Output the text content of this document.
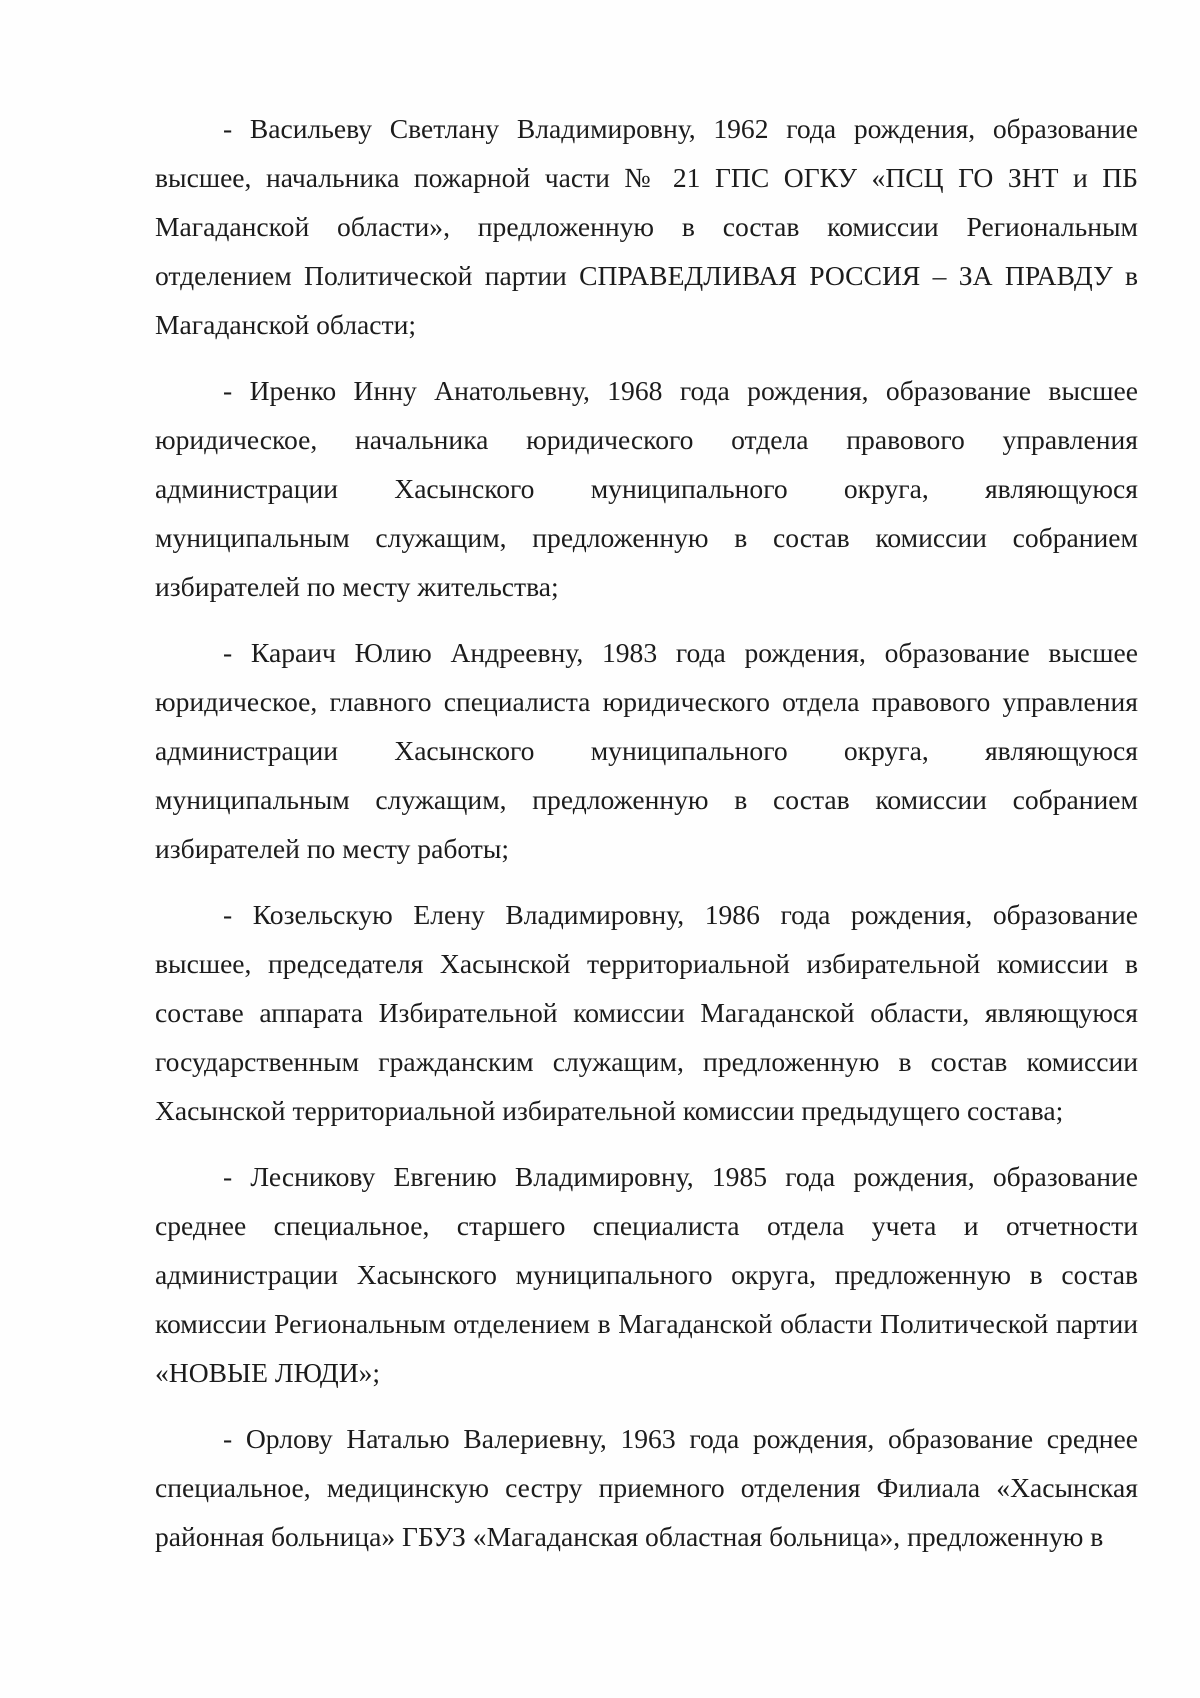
- Васильеву Светлану Владимировну, 1962 года рождения, образование высшее, начальника пожарной части № 21 ГПС ОГКУ «ПСЦ ГО ЗНТ и ПБ Магаданской области», предложенную в состав комиссии Региональным отделением Политической партии СПРАВЕДЛИВАЯ РОССИЯ – ЗА ПРАВДУ в Магаданской области;

- Иренко Инну Анатольевну, 1968 года рождения, образование высшее юридическое, начальника юридического отдела правового управления администрации Хасынского муниципального округа, являющуюся муниципальным служащим, предложенную в состав комиссии собранием избирателей по месту жительства;

- Караич Юлию Андреевну, 1983 года рождения, образование высшее юридическое, главного специалиста юридического отдела правового управления администрации Хасынского муниципального округа, являющуюся муниципальным служащим, предложенную в состав комиссии собранием избирателей по месту работы;

- Козельскую Елену Владимировну, 1986 года рождения, образование высшее, председателя Хасынской территориальной избирательной комиссии в составе аппарата Избирательной комиссии Магаданской области, являющуюся государственным гражданским служащим, предложенную в состав комиссии Хасынской территориальной избирательной комиссии предыдущего состава;

- Лесникову Евгению Владимировну, 1985 года рождения, образование среднее специальное, старшего специалиста отдела учета и отчетности администрации Хасынского муниципального округа, предложенную в состав комиссии Региональным отделением в Магаданской области Политической партии «НОВЫЕ ЛЮДИ»;

- Орлову Наталью Валериевну, 1963 года рождения, образование среднее специальное, медицинскую сестру приемного отделения Филиала «Хасынская районная больница» ГБУЗ «Магаданская областная больница», предложенную в
